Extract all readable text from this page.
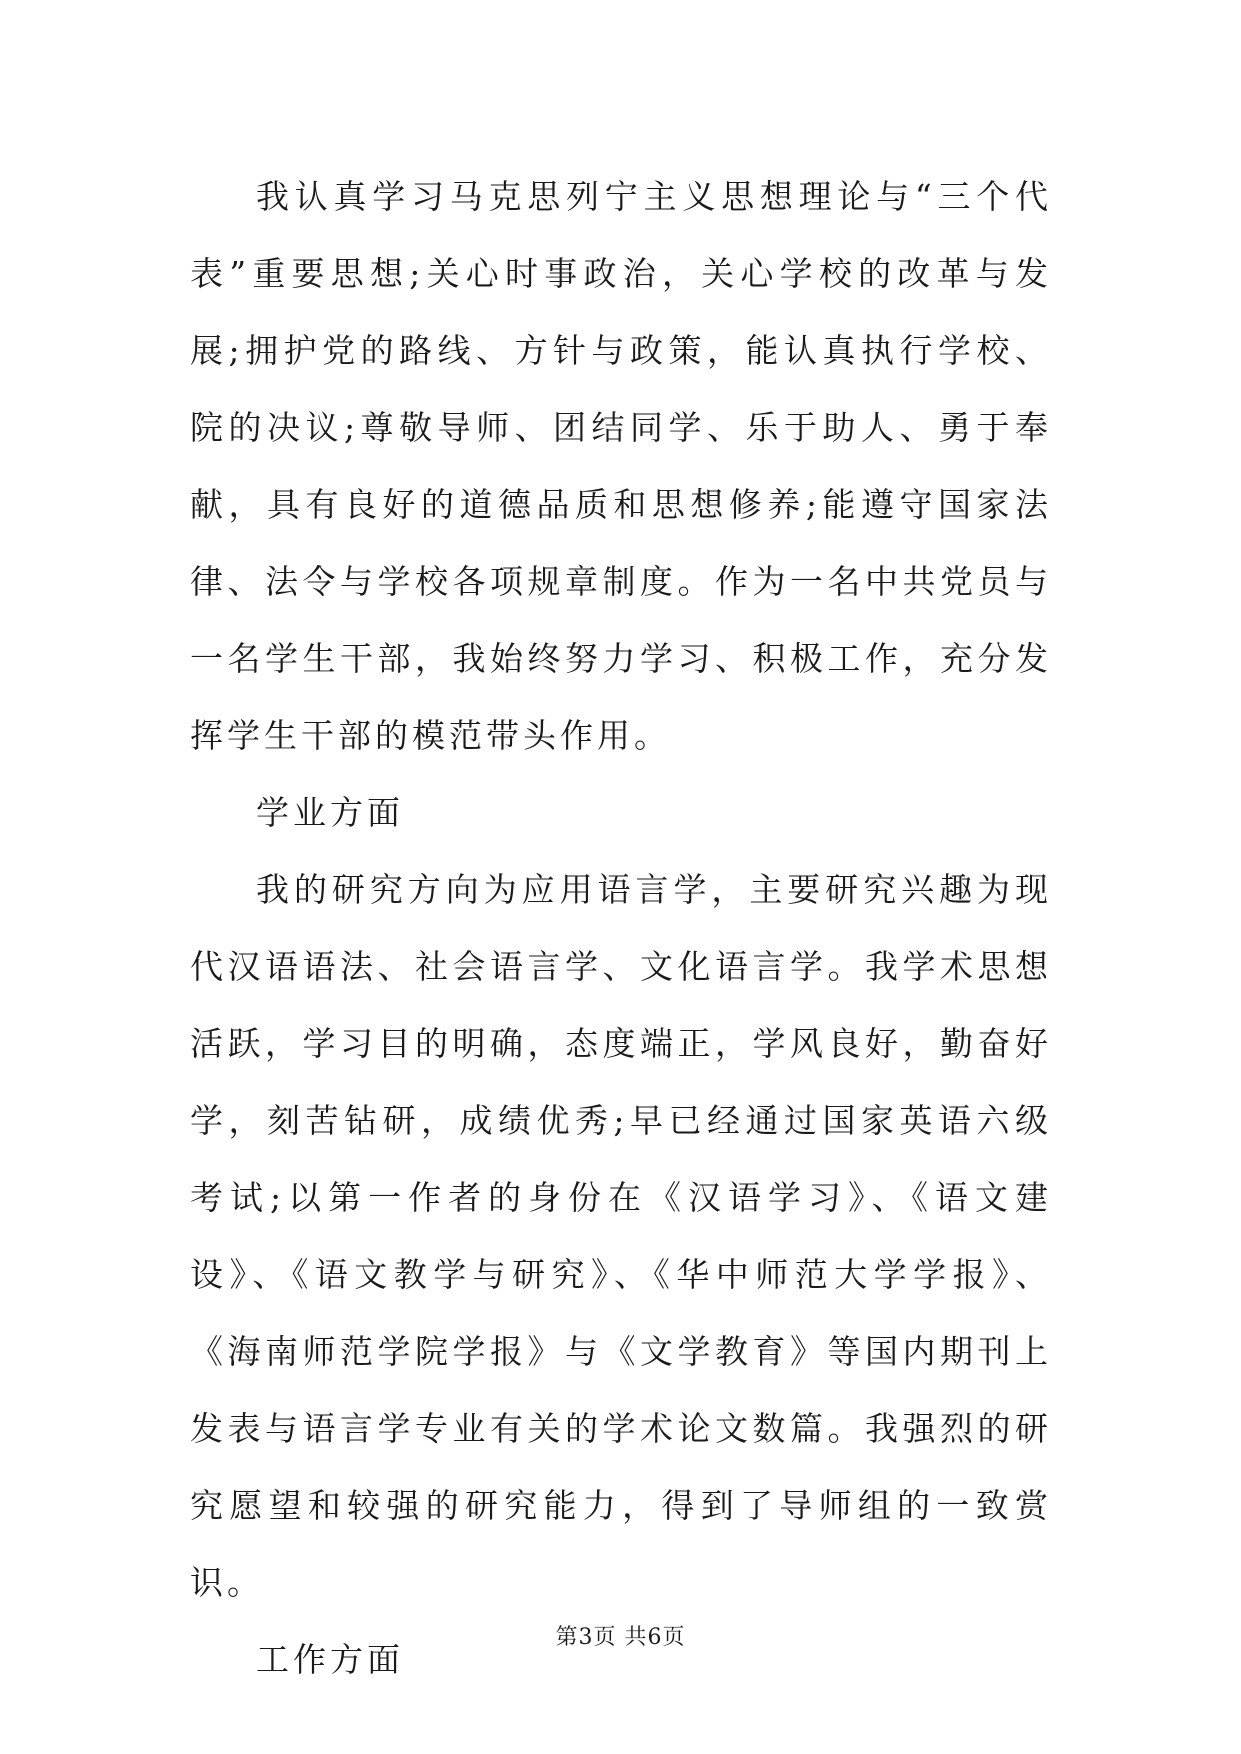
我认真学习马克思列宁主义思想理论与“三个代表”重要思想;关心时事政治，关心学校的改革与发展;拥护党的路线、方针与政策，能认真执行学校、院的决议;尊敬导师、团结同学、乐于助人、勇于奉献，具有良好的道德品质和思想修养;能遵守国家法律、法令与学校各项规章制度。作为一名中共党员与一名学生干部，我始终努力学习、积极工作，充分发挥学生干部的模范带头作用。

学业方面

我的研究方向为应用语言学，主要研究兴趣为现代汉语语法、社会语言学、文化语言学。我学术思想活跃，学习目的明确，态度端正，学风良好，勤奋好学，刻苦钻研，成绩优秀;早已经通过国家英语六级考试;以第一作者的身份在《汉语学习》、《语文建设》、《语文教学与研究》、《华中师范大学学报》、《海南师范学院学报》与《文学教育》等国内期刊上发表与语言学专业有关的学术论文数篇。我强烈的研究愿望和较强的研究能力，得到了导师组的一致赏识。

工作方面

第3页 共6页
